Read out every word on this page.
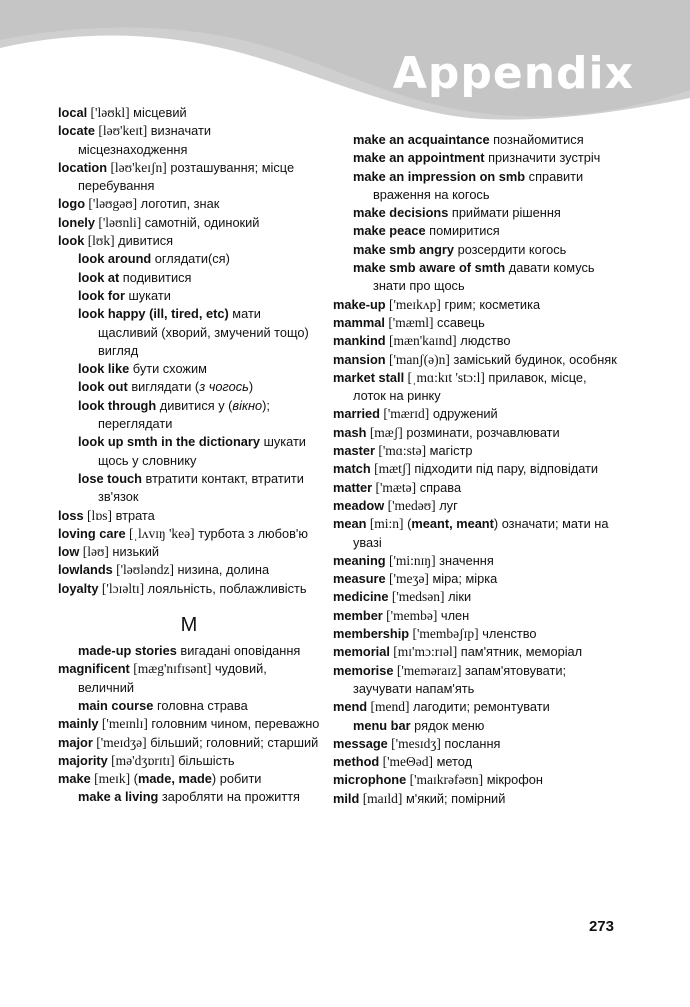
Appendix
local ['ləʊkl] місцевий
locate [ləʊ'keɪt] визначати місцезнаходження
location [ləʊ'keɪʃn] розташування; місце перебування
logo ['ləʊgəʊ] логотип, знак
lonely ['ləʊnli] самотній, одинокий
look [lʊk] дивитися
look around оглядати(ся)
look at подивитися
look for шукати
look happy (ill, tired, etc) мати щасливий (хворий, змучений тощо) вигляд
look like бути схожим
look out виглядати (з чогось)
look through дивитися у (вікно); переглядати
look up smth in the dictionary шукати щось у словнику
lose touch втратити контакт, втратити зв'язок
loss [lɒs] втрата
loving care [ˌlʌvɪŋ 'keə] турбота з любов'ю
low [ləʊ] низький
lowlands ['ləʊləndz] низина, долина
loyalty ['lɔɪəltɪ] лояльність, поблажливість
M
made-up stories вигадані оповідання
magnificent [mæg'nɪfɪsənt] чудовий, величний
main course головна страва
mainly ['meɪnlɪ] головним чином, переважно
major ['meɪdʒə] більший; головний; старший
majority [mə'dʒɒrɪtɪ] більшість
make [meɪk] (made, made) робити
make a living заробляти на прожиття
make an acquaintance познайомитися
make an appointment призначити зустріч
make an impression on smb справити враження на когось
make decisions приймати рішення
make peace помиритися
make smb angry розсердити когось
make smb aware of smth давати комусь знати про щось
make-up ['meɪkʌp] грим; косметика
mammal ['mæml] ссавець
mankind [mæn'kaɪnd] людство
mansion ['manʃ(ə)n] заміський будинок, особняк
market stall [ˌmɑ:kɪt 'stɔ:l] прилавок, місце, лоток на ринку
married ['mærɪd] одружений
mash [mæʃ] розминати, розчавлювати
master ['mɑ:stə] магістр
match [mætʃ] підходити під пару, відповідати
matter ['mætə] справа
meadow ['medəʊ] луг
mean [mi:n] (meant, meant) означати; мати на увазі
meaning ['mi:nɪŋ] значення
measure ['meʒə] міра; мірка
medicine ['medsən] ліки
member ['membə] член
membership ['membəʃɪp] членство
memorial [mɪ'mɔ:rɪəl] пам'ятник, меморіал
memorise ['memәraɪz] запам'ятовувати; заучувати напам'ять
mend [mend] лагодити; ремонтувати
menu bar рядок меню
message ['mesɪdʒ] послання
method ['meΘəd] метод
microphone ['maɪkrəfəʊn] мікрофон
mild [maɪld] м'який; помірний
273
